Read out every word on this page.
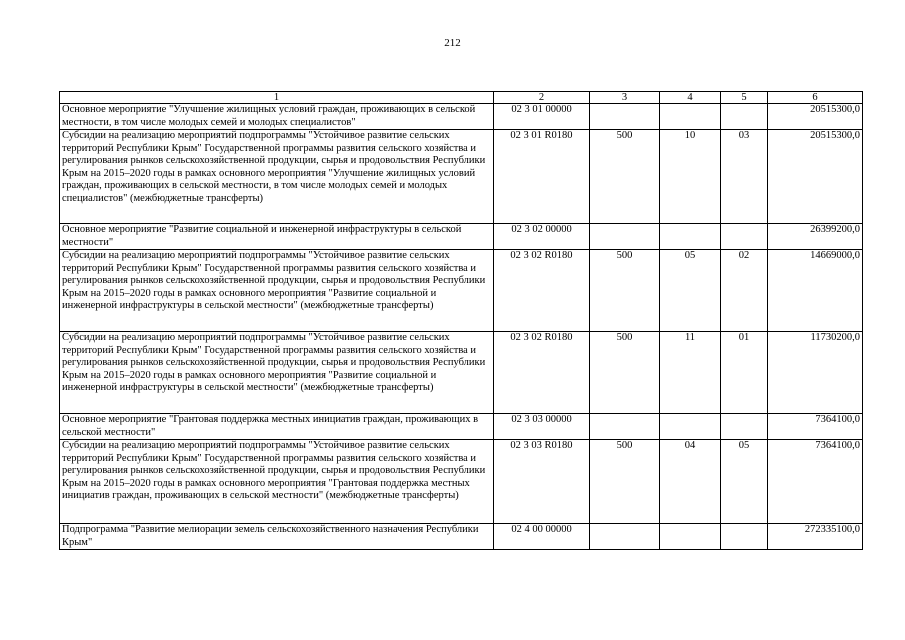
212
1	2	3	4	5	6
Основное мероприятие "Улучшение жилищных условий граждан, проживающих в сельской местности, в том числе молодых семей и молодых специалистов"	02 3 01 00000				20515300,0
Субсидии на реализацию мероприятий подпрограммы "Устойчивое развитие сельских территорий Республики Крым" Государственной программы развития сельского хозяйства и регулирования рынков сельскохозяйственной продукции, сырья и продовольствия Республики Крым на 2015–2020 годы в рамках основного мероприятия "Улучшение жилищных условий граждан, проживающих в сельской местности, в том числе молодых семей и молодых специалистов" (межбюджетные трансферты)	02 3 01 R0180	500	10	03	20515300,0
Основное мероприятие "Развитие социальной и инженерной инфраструктуры в сельской местности"	02 3 02 00000				26399200,0
Субсидии на реализацию мероприятий подпрограммы "Устойчивое развитие сельских территорий Республики Крым" Государственной программы развития сельского хозяйства и регулирования рынков сельскохозяйственной продукции, сырья и продовольствия Республики Крым на 2015–2020 годы в рамках основного мероприятия "Развитие социальной и инженерной инфраструктуры в сельской местности" (межбюджетные трансферты)	02 3 02 R0180	500	05	02	14669000,0
Субсидии на реализацию мероприятий подпрограммы "Устойчивое развитие сельских территорий Республики Крым" Государственной программы развития сельского хозяйства и регулирования рынков сельскохозяйственной продукции, сырья и продовольствия Республики Крым на 2015–2020 годы в рамках основного мероприятия "Развитие социальной и инженерной инфраструктуры в сельской местности" (межбюджетные трансферты)	02 3 02 R0180	500	11	01	11730200,0
Основное мероприятие "Грантовая поддержка местных инициатив граждан, проживающих в сельской местности"	02 3 03 00000				7364100,0
Субсидии на реализацию мероприятий подпрограммы "Устойчивое развитие сельских территорий Республики Крым" Государственной программы развития сельского хозяйства и регулирования рынков сельскохозяйственной продукции, сырья и продовольствия Республики Крым на 2015–2020 годы в рамках основного мероприятия "Грантовая поддержка местных инициатив граждан, проживающих в сельской местности" (межбюджетные трансферты)	02 3 03 R0180	500	04	05	7364100,0
Подпрограмма "Развитие мелиорации земель сельскохозяйственного назначения Республики Крым"	02 4 00 00000				272335100,0
